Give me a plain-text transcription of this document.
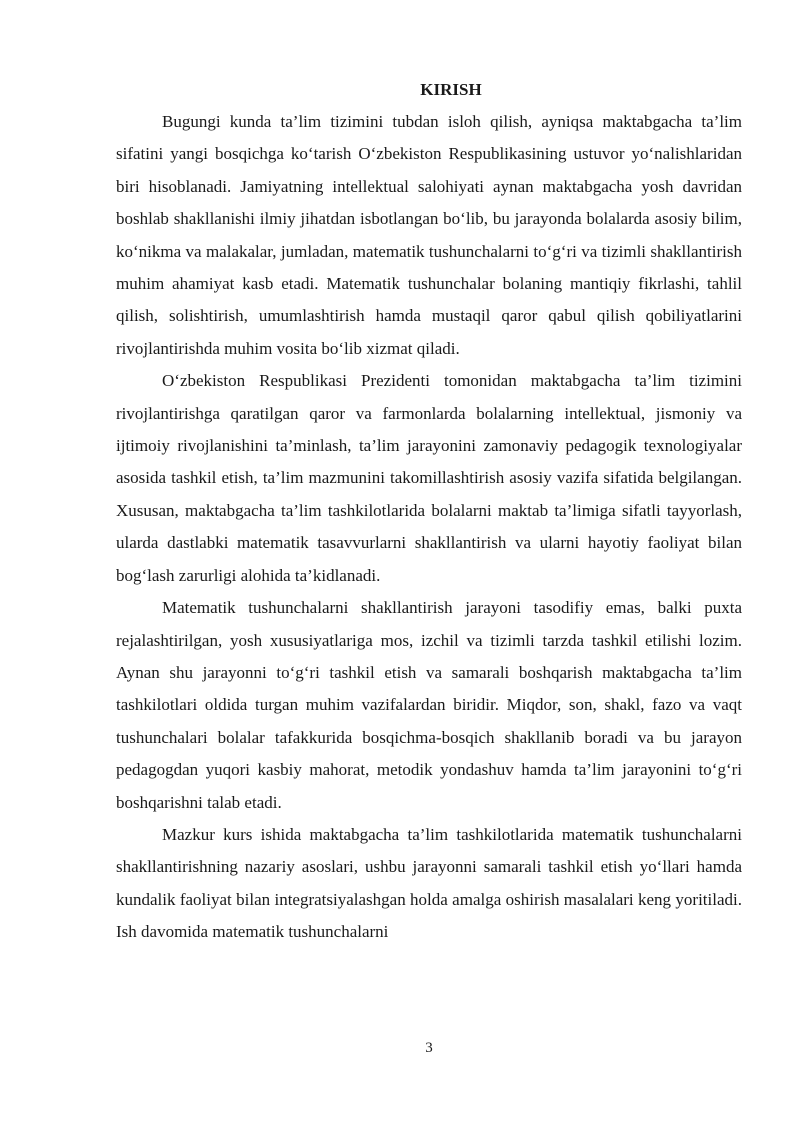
KIRISH

Bugungi kunda ta’lim tizimini tubdan isloh qilish, ayniqsa maktabgacha ta’lim sifatini yangi bosqichga ko‘tarish O‘zbekiston Respublikasining ustuvor yo‘nalishlaridan biri hisoblanadi. Jamiyatning intellektual salohiyati aynan maktabgacha yosh davridan boshlab shakllanishi ilmiy jihatdan isbotlangan bo‘lib, bu jarayonda bolalarda asosiy bilim, ko‘nikma va malakalar, jumladan, matematik tushunchalarni to‘g‘ri va tizimli shakllantirish muhim ahamiyat kasb etadi. Matematik tushunchalar bolaning mantiqiy fikrlashi, tahlil qilish, solishtirish, umumlashtirish hamda mustaqil qaror qabul qilish qobiliyatlarini rivojlantirishda muhim vosita bo‘lib xizmat qiladi.

O‘zbekiston Respublikasi Prezidenti tomonidan maktabgacha ta’lim tizimini rivojlantirishga qaratilgan qaror va farmonlarda bolalarning intellektual, jismoniy va ijtimoiy rivojlanishini ta’minlash, ta’lim jarayonini zamonaviy pedagogik texnologiyalar asosida tashkil etish, ta’lim mazmunini takomillashtirish asosiy vazifa sifatida belgilangan. Xususan, maktabgacha ta’lim tashkilotlarida bolalarni maktab ta’limiga sifatli tayyorlash, ularda dastlabki matematik tasavvurlarni shakllantirish va ularni hayotiy faoliyat bilan bog‘lash zarurligi alohida ta’kidlanadi.

Matematik tushunchalarni shakllantirish jarayoni tasodifiy emas, balki puxta rejalashtirilgan, yosh xususiyatlariga mos, izchil va tizimli tarzda tashkil etilishi lozim. Aynan shu jarayonni to‘g‘ri tashkil etish va samarali boshqarish maktabgacha ta’lim tashkilotlari oldida turgan muhim vazifalardan biridir. Miqdor, son, shakl, fazo va vaqt tushunchalari bolalar tafakkurida bosqichma-bosqich shakllanib boradi va bu jarayon pedagogdan yuqori kasbiy mahorat, metodik yondashuv hamda ta’lim jarayonini to‘g‘ri boshqarishni talab etadi.

Mazkur kurs ishida maktabgacha ta’lim tashkilotlarida matematik tushunchalarni shakllantirishning nazariy asoslari, ushbu jarayonni samarali tashkil etish yo‘llari hamda kundalik faoliyat bilan integratsiyalashgan holda amalga oshirish masalalari keng yoritiladi. Ish davomida matematik tushunchalarni

3
